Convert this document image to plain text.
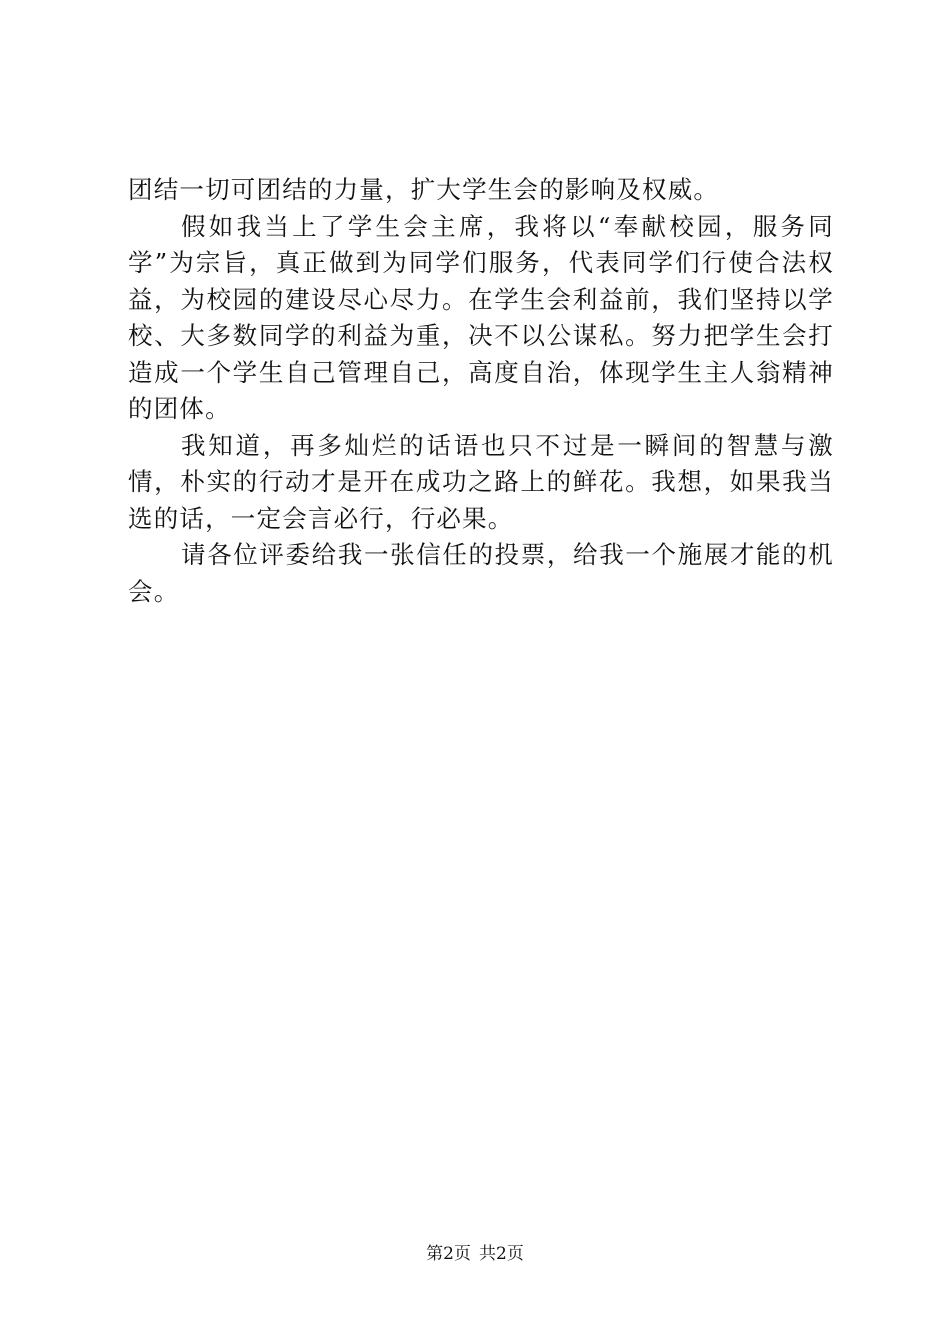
团结一切可团结的力量，扩大学生会的影响及权威。

假如我当上了学生会主席，我将以“奉献校园，服务同学”为宗旨，真正做到为同学们服务，代表同学们行使合法权益，为校园的建设尽心尽力。在学生会利益前，我们坚持以学校、大多数同学的利益为重，决不以公谋私。努力把学生会打造成一个学生自己管理自己，高度自治，体现学生主人翁精神的团体。

我知道，再多灿烂的话语也只不过是一瞬间的智慧与激情，朴实的行动才是开在成功之路上的鲜花。我想，如果我当选的话，一定会言必行，行必果。

请各位评委给我一张信任的投票，给我一个施展才能的机会。

第2页 共2页
